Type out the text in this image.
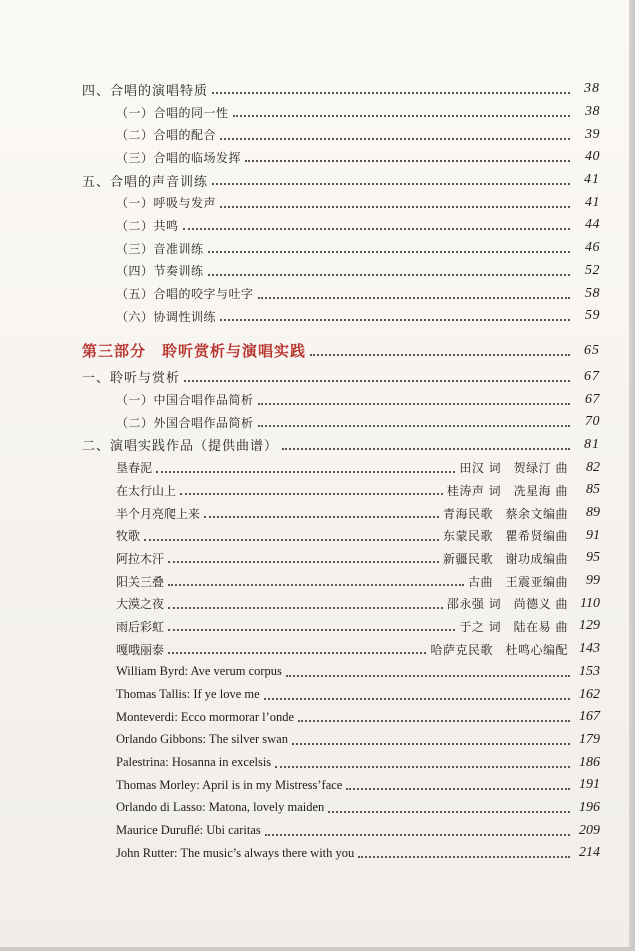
四、合唱的演唱特质	38
（一）合唱的同一性	38
（二）合唱的配合	39
（三）合唱的临场发挥	40
五、合唱的声音训练	41
（一）呼吸与发声	41
（二）共鸣	44
（三）音准训练	46
（四）节奏训练	52
（五）合唱的咬字与吐字	58
（六）协调性训练	59
第三部分　聆听赏析与演唱实践	65
一、聆听与赏析	67
（一）中国合唱作品简析	67
（二）外国合唱作品简析	70
二、演唱实践作品（提供曲谱）	81
垦春泥	田汉 词　贺绿汀 曲	82
在太行山上	桂涛声 词　冼星海 曲	85
半个月亮爬上来	青海民歌　蔡余文编曲	89
牧歌	东蒙民歌　瞿希贤编曲	91
阿拉木汗	新疆民歌　谢功成编曲	95
阳关三叠	古曲　王震亚编曲	99
大漠之夜	邵永强 词　尚德义 曲 110
雨后彩虹	于之 词　陆在易 曲 129
嘎哦丽泰	哈萨克民歌　杜鸣心编配 143
William Byrd: Ave verum corpus	153
Thomas Tallis: If ye love me	162
Monteverdi: Ecco mormorar l’onde	167
Orlando Gibbons: The silver swan	179
Palestrina: Hosanna in excelsis	186
Thomas Morley: April is in my Mistress’face	191
Orlando di Lasso: Matona, lovely maiden	196
Maurice Duruflé: Ubi caritas	209
John Rutter: The music’s always there with you	214
